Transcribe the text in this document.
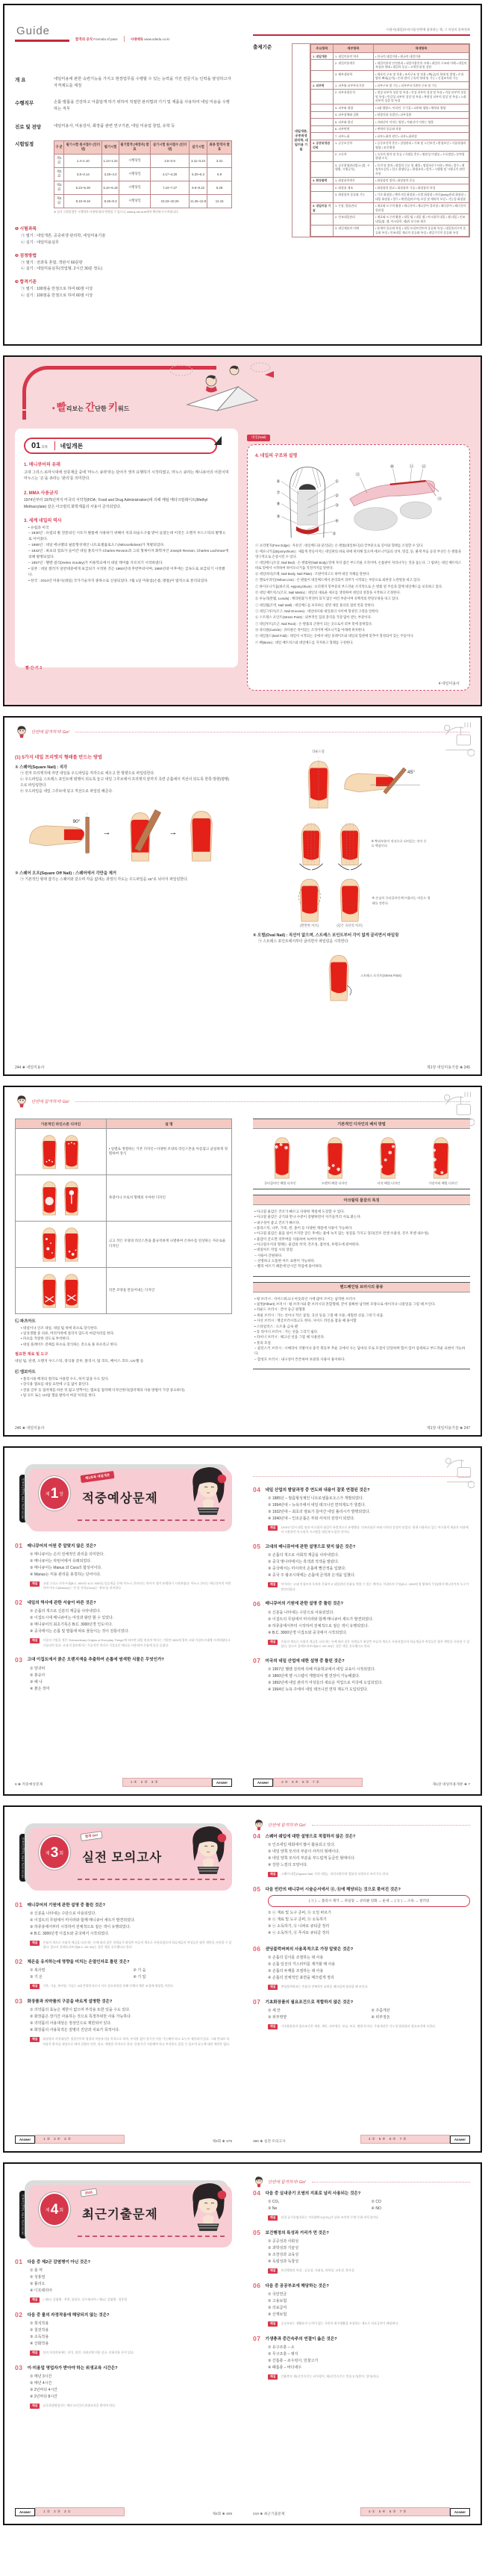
Guide
합격의 공식 Formula of pass	시대에듀 www.sdedu.co.kr
개 요	네일미용에 관한 숙련기능을 가지고 현장업무를 수행할 수 있는 능력을 가진 전문기능 인력을 양성하고자 자격제도를 제정
수행직무	손톱·발톱을 건강하고 아름답게 하기 위하여 적절한 관리법과 기기 및 제품을 사용하여 네일 미용을 수행하는 직무
진로 및 전망	네일미용사, 미용강사, 화장품 관련 연구기관, 네일 미용업 창업, 유학 등
시험일정	구 분	필기시험 원서접수 (인터넷)	필기시험	필기합격 (예정자) 발표	실기시험 원서접수 (인터넷)	실기시험	최종 합격자 발표
제1회	1.4~1.10	1.14~1.22	시행당일	2.6~2.9	3.11~3.24	3.31
제2회	3.8~3.14	3.25~4.2	시행당일	4.17~4.20	5.20~6.2	6.9
제3회	5.24~5.30	6.10~6.18	시행당일	7.24~7.27	9.9~9.22	9.29
제4회	8.10~8.16	8.26~9.3	시행당일	10.23~10.26	11.25~12.8	12.15
※ 실기 시험일정은 시행처의 사정에 따라 변경될 수 있으니, www.q-net.or.kr에서 확인하시기 바랍니다.
❶ 시험과목
㉠ 필기 : 네일개론, 공중위생 관리학, 네일미용기술
㉡ 실기 : 네일미용실무
❷ 검정방법
㉠ 필기 : 전과목 혼합, 객관식 60문항
㉡ 실기 : 네일미용실무(작업형, 2시간 30분 정도)
❸ 합격기준
㉠ 필기 : 100점을 만점으로 하여 60점 이상
㉡ 실기 : 100점을 만점으로 하여 60점 이상
미용사(네일)자격시험 단번에 합격하는 책, 그 이상의 알짜정보
출제기준
네일개론, 공중위생 관리학, 네일미용 기술
주요항목	세부항목	세세항목
1. 네일개론	1. 네일미용의 역사	• 한국의 네일미용 • 외국의 네일미용
	2. 네일미용개론	• 네일미용의 안전관리 • 네일미용인의 자세 • 네일의 구조와 이해 • 네일의 특성과 형태 • 네일의 분류 • 고객응대 및 상담
	3. 해부생리학	• 세포의 구조 및 작용 • 조직구조 및 작용 • 뼈(골)의 형태 및 발생 • 손과 발의 뼈대(골격) • 손과 발의 근육의 형태 및 기능 • 신경조직과 기능
2. 피부학	1. 피부와 피부부속기관	• 피부구조 및 기능 • 피부부속기관의 구조 및 기능
	2. 피부유형분석	• 정상 피부의 성상 및 특징 • 건성 피부의 성상 및 특징 • 지성 피부의 성상 및 특징 • 민감성 피부의 성상 및 특징 • 복합성 피부의 성상 및 특징 • 노화 피부의 성상 및 특징
	3. 피부와 영양	• 3대 영양소, 비타민, 무기질 • 피부와 영양 • 체형과 영양
	4. 피부장애와 질환	• 원발진과 속발진 • 피부질환
	5. 피부와 광선	• 자외선이 미치는 영향 • 적외선이 미치는 영향
	6. 피부면역	• 면역의 종류와 작용
	7. 피부노화	• 피부노화의 원인 • 피부노화현상
3. 공중위생관리학	1. 공중보건학	• 공중보건학 총론 • 질병관리 • 가족 및 노인보건 • 환경보건 • 식품위생과 영양 • 보건행정
	2. 소독학	• 소독의 정의 및 분류 • 미생물 총론 • 병원성 미생물 • 소독방법 • 분야별 위생·소독
	3. 공중위생관리법규 (법, 시행령, 시행규칙)	• 목적 및 정의 • 영업의 신고 및 폐업 • 영업자준수사항 • 면허 • 업무 • 행정지도감독 • 업소 위생등급 • 위생교육 • 벌칙 • 시행령 및 시행규칙 관련 사항
4. 화장품학	1. 화장품학개론	• 화장품의 정의 • 화장품의 분류
	2. 화장품 제조	• 화장품의 원료 • 화장품의 기술 • 화장품의 특성
	3. 화장품의 종류와 기능	• 기초 화장품 • 메이크업 화장품 • 모발 화장품 • 바디(body)관리 화장품 • 네일 화장품 • 향수 • 에센셜(아로마) 오일 및 캐리어 오일 • 기능성 화장품
5. 네일미용 기술	1. 손톱, 발톱관리	• 재료와 도구의 활용 • 매니큐어 • 매니큐어 컬러링 • 페디큐어 • 페디큐어 컬러링
	2. 인조네일관리	• 재료와 도구의 활용 • 네일 팁 • 네일 랩 • 아크릴릭 네일 • 젤 네일 • 인조네일(팁, 랩, 아크릴릭, 젤)의 보수와 제거
	3. 네일제품의 이해	• 용제의 종류와 특성 • 네일 트리트먼트의 종류와 특성 • 네일폴리시의 종류와 특성 • 인조네일 재료의 종류와 특성 • 네일기기의 종류와 특성
• 빨리보는 간단한 키워드
01 과목 네일개론
1. 매니큐어의 유래
고대 그리스·로마시대에 상류계급 중에 ‘마누스 큐라’라는 단어가 생겨 유행하기 시작하였고, 마누스 큐라는 매니큐어의 어원이며 마누스는 ‘손’을 큐라는 ‘관리’를 의미한다.
2. MMA 사용금지
1974년부터 1975년까지 미국의 식약청(FDA ; Food and Drug Administration)에 의해 메틸 메타크릴레이트(Methyl Methacrylate) 같은 아크릴릭 화학제품의 사용이 금지되었다.
3. 세계 네일의 역사
• 유럽과 미국
– 1830년 : 유럽의 발 전문의인 시트가 발톱에 사용하기 위해서 치과 의술도구를 받아 들였는데 이것은 오렌지 우드스틱의 발명으로 이어졌다.
– 1885년 : 네일 에나멜의 필름형성제인 니트로셀룰로오스(Nitrocellulose)가 개발되었다.
– 1932년 : 최초의 염료가 들어간 네일 폴리시가 Charles Revson과 그의 형제이자 화학자인 Joseph Revson, Charles Lachman에 의해 발명되었다.
– 1957년 : 헬렌 걸리(Helen Gouley)가 미용학교에서 네일 케어를 가르치기 시작하였다.
• 일본 : 네일 컬러가 일반대중에게 보급되기 시작한 것은 1960년대 후반부터이며, 1980년대 이후에는 급속도로 보급되기 시작했다.
• 한국 : 2014년 미용사(네일) 국가기술자격 종목으로 신설되었다. 7월 1일 미용업(손톱, 발톱)이 법적으로 분리되었다.
빨·간·키 3
네일(Nail)
4. 네일의 구조와 설명
①
②
③
④
⑤
⑥
⑦
⑧
⑨
⑩	⑪ ⑫
⑬
⑭
ⓐ 프리엣지(Free Edge) : 자유연 : 네일베드와 분리되는 손·발톱(네일바디)의 끝부분으로 길이와 형태를 조절할 수 있다.
ⓑ 에포니키움(Eponychium) : 새롭게 만들어지는 네일판의 바로 위에 위치해 있으며 에포니키움의 상처, 벗김, 뜯, 붉게 부음 등의 부상은 손·발톱을 영구적으로 손상시킬 수 있다.
ⓒ 네일베드(조상, Nail Bed) : 손·발톱판(Nail Body) 밑에 자리 잡은 부드러운 조직이며, 손톱판이 자라나가는 것을 돕는다. 그 범위는 네일 매트릭스 바로 밑에서 시작하여 하이포니키움 직전까지를 말한다.
ⓓ 네일바디(조체, Nail Body, Nail Plate) : 조판이라고도 하며 네일 자체를 말한다.
ⓔ 옐로우라인(Yellow Line) : 손·발톱이 네일베드에서 분리되어 피부가 시작되는 부분으로 외관상 노란빛을 띠고 있다.
ⓕ 하이포니키움(하조피, Hyponychium) : 프리엣지 밑부분의 부드러운 조직막으로 손·발톱 옆 주름과 함께 네일베드를 보호하고 있다.
ⓖ 네일 매트릭스(조모, Nail Matrix) : 네일의 새로운 세포를 생성하여 네일의 성장을 시작하고 조정한다.
ⓗ 루눌라(반월, Lunula) : 케라틴화가 완전히 되지 않은 여린 부분이며 유백색의 반달모양을 띠고 있다.
ⓘ 네일월(조벽, Nail Wall) : 네일베드를 보호하는 옆면 네일 폴더의 접힌 면을 말한다.
ⓙ 네일그루브(조구, Nail Grooves) : 네일바디와 네일폴더 사이에 형성된 고랑을 말한다.
ⓚ 스트레스 포인트(Stress Point) : 외부적인 힘의 충격을 가장 많이 받는 부분이다.
ⓛ 네일루트(조근, Nail Root) : 손·발톱의 근원이 되는 곳으로서 피부 밑에 묻혀있다.
ⓜ 큐티클(Cuticle) : 큐티클은 죽어있는 조직이며 에포니키움 아래에 위치한다.
ⓝ 네일폴드(Nail Fold) : 네일이 시작되는 곳에서 네일 플레이트와 네일의 혈관에 맞추어 형성되어 있는 주름이다.
ⓞ 뼈(Bone) : 네일 매트릭스와 네일베드를 지지하고 형태를 구성한다.
4 네일미용사
단번에 합격하자! Go!
(1) 5가지 네일 프리엣지 형태를 만드는 방법
① 스퀘어(Square Nail) : 직각
㉠ 먼저 프리엣지에 자연 네일용 우드파일을 직각으로 세우고 한 방향으로 파일링한다.
㉡ 우드파일을 스트레스 포인트에 평행이 되도록 놓고 네일 그루브에서 프리엣지 끝까지 측면 손톱에서 직선이 되도록 한쪽 방향(평행)으로 파일링한다.
㉢ 우드파일을 네일 그루브에 넣고 직선으로 파일링 해준다.
90°
→	→
② 스퀘어 오프(Square Off Nail) : 스퀘어에서 각만을 제거
㉠ 기본적인 형태 잡기는 스퀘어와 같으며 각을 없애는 과정의 각도는 우드파일을 45°로 뉘어서 파일링한다.
244 ❀ 네일미용사
라운드형
45°
※ 뿌리부분이 직선으로 되어있는 것이 중요 핵심이다.
(완만한 커브)	(깊은 곡선의 커브)
※ 손님의 큐티클라인에 어울리는 라운드 형태를 정한다.
④ 오벌(Oval Nail) : 직선이 없으며, 스트레스 포인트부터 각이 없게 굴리면서 파일링
㉠ 스트레스 포인트에서부터 굴리면서 파일링을 시작한다.
스트레스 포인트(Stress Point)
제1장 네일미용기술 ❀ 245
단번에 합격하자! Go!
기본적인 라인스톤 디자인	설 명
	• 일렬로 정렬하는 기본 디자인 • 다양한 모양의 라인스톤을 아름답고 균일하게 정렬하여 장식
	목걸이나 브로치 형태의 우아한 디자인
	크고 작은 모양의 라인스톤을 불규칙하게 나열하여 은하수를 연상하는 자유로운 디자인
	리본 모양을 만들어내는 디자인
㉡ 파츠아트
• 네일이나 인조 네일, 네일 팁 위에 파츠로 장식한다.
• 일상생활 중 의류, 머리카락에 걸리지 않도록 마감처리를 한다.
• 파츠를 적절한 강도로 부착한다.
• 네일 플레이트 전체를 파츠로 장식하는 것으로 풀 파츠라고 한다.
필요한 재료 및 도구
네일 팁, 핀셋, 오렌지 우드스틱, 장식용 글루, 폴리시, 탑 코트, 베이스 코트, UV젤 등
㉢ 엠보아트
• 폴리시용 배경의 컬러로 사용할 수도, 하지 않을 수도 있다.
• 장식용 엠보를 네일 표면에 구김 없이 붙인다.
• 전용 글루 등 접착제를 바른 뒤 얇고 반짝이는 엠보를 접착해 디자인한다(접착제의 사용 방법이 가장 중요하다).
• 탑 코트 또는 UV탑 젤을 발라서 마감 처리를 한다.
246 ❀ 네일미용사
기본적인 디자인의 배치 방법
✽ ✽
✽
✽ ✽
✽
✽
✽
✽
✽
✽
✽
✽
✽
큐티클라인 배열 디자인	프렌치 배열 디자인	사선 배열 디자인	가장자리 배열 디자인
아크릴릭 물감의 특징
• 아크릴 물감은 건조가 빠르고 다양한 재질에 도장할 수 있다.
• 아크릴 물감은 공기와 만나 수분이 증발하면서 자기들끼리 서로 붙는다.
• 내구성이 좋고 건조가 빠르다.
• 플라스틱, 나무, 가죽, 천, 종이 등 다양한 재질에 사용이 가능하다.
• 아크릴 물감은 물을 섞어 쓰지만 굳은 후에는 물에 녹지 않는 성질을 가지고 있다(건조 전엔 수용성, 건조 후엔 내수성).
• 물감이 굳으면 리무버를 사용하여 녹여야 한다.
• 아크릴수지의 형태는 물감의 착색, 건조성, 접착성, 투명도에 관여한다.
• 네일아트 작업 시의 장점
– 사용이 간편하다.
– 선명하고 도톰한 아트 표현이 가능하다.
– 빨리 마르기 때문에 단시간 작업에 용이하다.
핸드페인팅 브러시의 종류
• 평 브러시 : 사이드워크나 아웃라인 시에 많이 쓰이는 납작한 브러시
• 필벗(Filbert) 브러시 : 평 브러시와 환 브러시의 혼합형태, 끝이 뭉툭한 납작한 모양으로 데이지나 나뭇잎을 그릴 때 쓰인다.
• 라운드 브러시 : 끝이 둥근 원형붓
• 세필 브러시 : 가는 선이나 작은 꽃잎, 곡선 등을 그릴 때 사용, 세밀한 선을 그리기 쉬움
• 사선 브러시 : 앵글브러시라고도 한다. 사이드 라인을 잡을 때 용이함
• 스타일러스 : 도트용 금속 펜
• 롱 라이너 브러시 : 가는 선을 그리기 쉽다.
• 라이너 브러시 : 체크선 선을 그릴 때 사용된다.
• 붓의 모질
– 콜린스키 브러시 : 시베리아 지방이나 중국 북동부 추운 곳에서 사는 담비의 모로 모질이 단단하며 힘이 있어 섬세하고 부드러운 표현이 가능하다.
– 합성모 브러시 : 내구성이 튼튼하여 보관과 사용이 용이하다.
제1장 네일미용기술 ❀ 247
미용사(네일)·Nail Technician	제 1 장
제1과목 네일개론
적중예상문제
01 매니큐어의 어원 중 알맞지 않은 것은?
① 매니큐어는 손의 전체적인 관리를 의미한다.
② 매니큐어는 라틴어에서 유래되었다.
③ 매니큐어는 Manus 와 Cura의 합성어이다.
④ Manus는 미용 관리를 총칭하는 단어이다.
해설	고대 그리스·로마시대(B.C. 500년~A.D. 500년) 상류계급 중에 ‘마누스 큐라’라는 단어가 생겨 유행하기 시작하였다. 마누스 큐라는 매니큐어의 어원이며 마누스(Manus)는 ‘손’을 큐라(Cura)는 ‘관리’를 의미한다.
02 네일의 역사에 관한 서술이 바른 것은?
① 손톱의 색으로 신분의 계급을 나타내었다.
② 이집트시대 매니큐어는 여성과 왕만 할 수 있었다.
③ 매니큐어의 최초기록은 B.C. 3000년경 인도이다.
④ 중국에서는 손톱 및 발톱에 따로 물들이는 것이 전통이었다.
해설	사물의 기원을 적은 ‘Extraordinary Origins of Everyday Things’에 따르면 네일 관리의 역사는 기원전 3000년경의 고대 이집트시대에 시작하였다고 기술되어 있다. 고대 이집트에서는 주술적인 의미로 식물류인 헤나를 사용하여 손톱에 물을 들였다.
03 고대 이집트에서 붉은 오렌지색을 추출하여 손톱에 염색한 식물은 무엇인가?
① 양귀비
② 봉숭아
③ 헤 나
④ 붉은 장미
6 ❀ 적중예상문제
1④ 2③ 3③	Answer
04 네일 산업의 발달과정 중 연도와 내용이 잘못 연결된 것은?
① 1885년 – 필름형성제인 니트로셀룰로오스가 개발되었다.
② 1994년대 – 뉴욕주에서 네일 테크니션 면허제도가 생겼다.
③ 1932년대 – 최초의 염료가 들어간 네일 폴리시가 발명되었다.
④ 1940년대 – 인조손톱은 부와 사치의 상징이 되었다.
해설	1970년 당시 네일 팁과 아크릴릭 네일이 폭발적으로 유행했다. 인조손톱은 부와 사치의 상징이 되었다. 현재 사용하고 있는 아크릴릭 제품은 치과에서 사용하던 아크릴릭 시스템을 네일에 도입한 것이다.
05 고대의 매니큐어에 관한 설명으로 맞지 않은 것은?
① 손톱의 색으로 사회적 계급을 나타내었다.
② 중국 명나라에서는 흑색과 적색을 발랐다.
③ 중국에서는 미이라의 손톱에 빨간색을 입혔다.
④ 중국 주 왕조시대에는 손톱에 금색과 은색을 입혔다.
해설	미이라는 고대 이집트의 독특한 문화이고 네일관리 문화를 엿볼 수 있는 예이다. 이집트의 무덤(B.C. 2000년경 왕족의 무덤)에서 매니큐어의 도구가 발견되었다.
06 매니큐어의 기원에 관한 설명 중 틀린 것은?
① 신분을 나타내는 수단으로 사용되었다.
② 이집트의 무덤에서 미이라와 함께 매니큐어 세트가 발견되었다.
③ 하류층에서부터 시작하여 전체적으로 짙은 색이 유행되었다.
④ B.C. 3000년경 이집트와 중국에서 시작되었다.
해설	손톱의 색으로 사회적 계급을 나타내는 등에 따라 짙은 적색류가 최상층 부류의 색으로 사용되었으며 하류계급의 여성들은 옅은 색만을 사용할 수 있었다. 참고로 클레오파트라(B.C. 69~30)는 짙은 색을 선호했다고 한다.
07 미국의 네일 산업에 대한 설명 중 틀린 것은?
① 1957년 헬렌 걸리에 의해 미용학교에서 네일 교육이 시작되었다.
② 1860년에 젤 시스템이 개발되어 젤 연장이 가능해졌다.
③ 1892년에 네일 관리가 여성들의 새로운 직업으로 미국에 도입되었다.
④ 1994년 뉴욕 주에서 네일 테크니션 면허 제도가 도입되었다.
Answer	4④ 5④ 6③ 7②
제1장 네일미용개론 ❀ 7
미용사(네일)·Nail Technician	제 3 회
합격 Go!
실전 모의고사
01 매니큐어의 기원에 관한 설명 중 틀린 것은?
① 신분을 나타내는 수단으로 사용되었다.
② 이집트의 무덤에서 미이라와 함께 매니큐어 세트가 발견되었다.
③ 하류층에서부터 시작하여 전체적으로 짙은 색이 유행되었다.
④ B.C. 3000년경 이집트와 중국에서 시작되었다.
해설	손톱의 색으로 사회적 계급을 나타내는 등에 따라 짙은 적색류가 최상층 부류의 색으로 사용되었으며 하류계급의 여성들은 옅은 색만을 사용할 수 있었다. 참고로 클레오파트라(B.C. 69~30)는 짙은 색을 선호했다고 한다.
02 체온을 유지하는데 영향을 미치는 온열인자로 틀린 것은?
① 복사열	② 기 습
③ 기 온	④ 기 압
해설	기온, 기습, 복사열, 기류는 4대 온열인자로서 서로 상호작용을 통해 인체의 체온 조절에 영향을 끼친다.
03 화장품과 의약품의 구분을 바르게 설명한 것은?
① 의약품의 효능은 제한이 없으며 부작용 또한 있을 수도 있다.
② 화장품은 장기간 사용하는 것으로 특정부위만 사용 가능하다.
③ 의약품의 사용대상은 정상인으로 제한되어 있다.
④ 화장품의 사용목적은 질병의 진단과 치료가 목적이다.
해설	화장품의 사용대상은 정상인이며 청결과 미용유지를 목적으로 하며, 부작용 없이 장기간 사용 가능해야 하고 효능이 제한되어 있다. 그와 반대로 의약품은 환자를 대상으로 하며 질병의 진단, 치료, 예방을 목적으로 한다. 일정기간 사용해야 하고 부작용도 있을 수 있으며 효능에 대한 제한은 없다.
Answer	1② 2④ 3③
제3회 ❀ 379
단번에 합격하자! Go!
04 스퀘어 쉐입에 대한 설명으로 적절하지 않은 것은?
① 인조네일 대회에서 많이 활용되고 있다.
② 네일 양쪽 모서리 부분이 사각의 형태이다.
③ 네일 양쪽 모서리 부분을 부드럽게 둥글린 형태이다.
④ 강한 느낌의 모양이다.
해설	스퀘어 네일(Square Nail, 사각 네일) : 직각모양이며 발톱의 모양으로 쓰이기도 한다.
05 다음 빈칸의 매니큐어 시술순서에서 ⓐ, ⓑ에 해당되는 것으로 묶어진 것은?
( ⓐ ) → 폴리시 제거 → 파일링 → 큐티클 연화 → 둔세 → ( ⓑ ) → 소독 → 컬러링
① ⓐ 재료 및 도구 준비, ⓑ 오일 바르기
② ⓐ 재료 및 도구 준비, ⓑ 소독하기
③ ⓐ 소독하기, ⓑ 니퍼로 큐티클 정리
④ ⓐ 소독하기, ⓑ 푸셔로 큐티클 정리
06 샌딩블럭버퍼의 사용목적으로 가장 알맞은 것은?
① 손톱의 길이를 조절하는 데 사용
② 손톱 일선의 거스러미를 제거할 때 사용
③ 손톱의 두께를 조절하는 데 사용
④ 손톱의 전체적인 표면을 매끄럽게 정리
해설	샌딩블럭버퍼는 손톱의 전체적인 표면을 매끄럽게 정리할 때 쓰인다.
07 기초화장품의 필요조건으로 적합하지 않은 것은?
① 세 안	② 주름개선
③ 피부영양	④ 피부정돈
해설	기초화장품의 필요조건은 세정, 세안, 피부정돈, 보습, 보호, 영양 등이다. 주름개선은 기능성 화장품의 필요조건에 속한다.
380 ❀ 실전 모의고사
4③ 5④ 6④ 7②	Answer
미용사(네일)·Nail Technician	제 4 회
2016
최근기출문제
01 다음 중 제2군 감염병이 아닌 것은?
① 홍 역
② 성홍열
③ 폴리오
④ 디프테리아
해설	• 제2군 감염병 : 홍역, 폴리오, 디프테리아 • 제3군 감염병 : 성홍열
02 다음 중 물의 자정작용에 해당되지 않는 것은?
① 희석작용
② 침전작용
③ 소독작용
④ 산화작용
해설	물의 자정작용에는 희석, 침전, 자외선에 의한 살균, 산화작용 등이 있다.
03 이·미용업 영업자가 받아야 하는 위생교육 시간은?
① 매년 3시간
② 매년 4시간
③ 2년마다 4시간
④ 2년마다 8시간
해설	공중위생영업자는 매년 3시간의 위생교육을 받아야 한다.
Answer	1② 2③ 3①
제4회 ❀ 409
단번에 합격하자! Go!
04 다음 중 실내공기 오염의 지표로 널리 사용되는 것은?
① CO₂	② CO
③ Ne	④ NO
해설	실내 공기오염지표는 이산화탄소(CO₂)가 널리 쓰이며 무색·무취·비독성이다.
05 보건행정의 특성과 거리가 먼 것은?
① 공공성과 사회성
② 과학성과 기술성
③ 조장성과 교육성
④ 독립성과 독창성
해설	보건행정의 특성 : 공공성, 사회성, 과학성, 교육성, 봉사성
06 다음 중 공공부조에 해당하는 것은?
① 국민연금
② 고용보험
③ 의료급여
④ 산재보험
해설	공공부조는 생활유지 능력이 없는 국민의 최저생활을 보장하는 제도로 의료급여가 해당된다.
07 기생충과 중간숙주의 연결이 옳은 것은?
① 유구조충 – 소
② 무구조충 – 돼지
③ 간흡충 – 쇠우렁이, 민물고기
④ 폐흡충 – 바다새우
해설	간흡충의 제1중간숙주는 쇠우렁이, 제2중간숙주는 민물고기(붕어, 잉어)이다.
410 ❀ 최근기출문제
4① 5④ 6③ 7③	Answer
